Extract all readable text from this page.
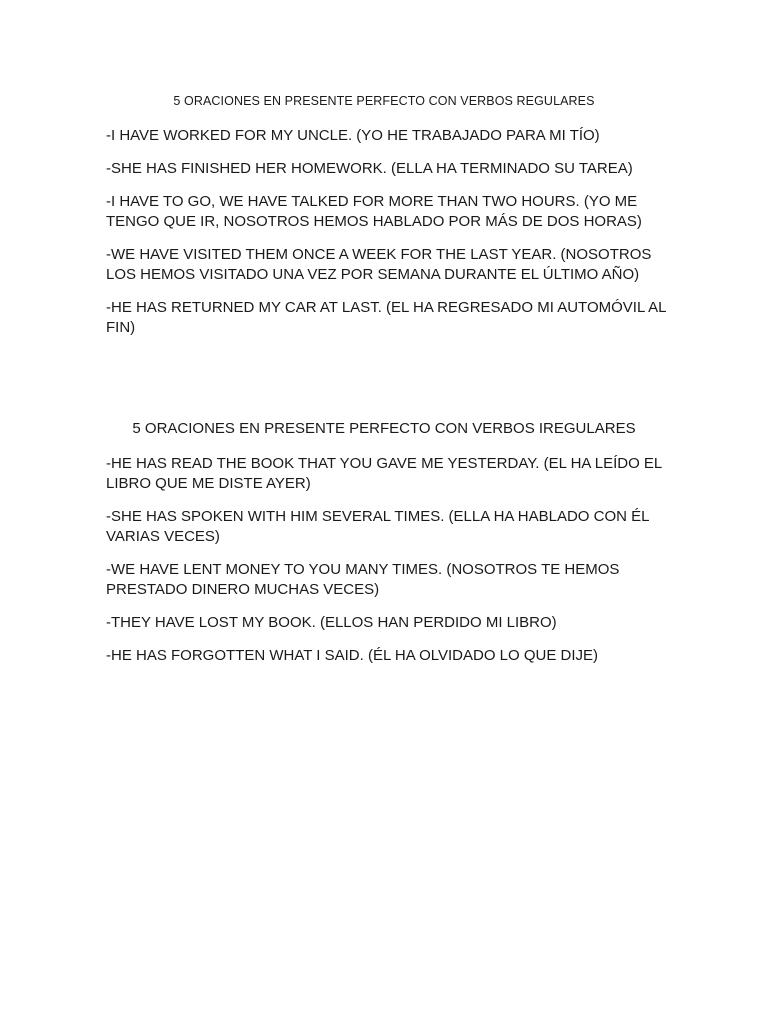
5 ORACIONES EN PRESENTE PERFECTO CON VERBOS REGULARES

-I HAVE WORKED FOR MY UNCLE. (YO HE TRABAJADO PARA MI TÍO)

-SHE HAS FINISHED HER HOMEWORK. (ELLA HA TERMINADO SU TAREA)

-I HAVE TO GO, WE HAVE TALKED FOR MORE THAN TWO HOURS. (YO ME TENGO QUE IR, NOSOTROS HEMOS HABLADO POR MÁS DE DOS HORAS)

-WE HAVE VISITED THEM ONCE A WEEK FOR THE LAST YEAR. (NOSOTROS LOS HEMOS VISITADO UNA VEZ POR SEMANA DURANTE EL ÚLTIMO AÑO)

-HE HAS RETURNED MY CAR AT LAST. (EL HA REGRESADO MI AUTOMÓVIL AL FIN)

5 ORACIONES EN PRESENTE PERFECTO CON VERBOS IREGULARES

-HE HAS READ THE BOOK THAT YOU GAVE ME YESTERDAY. (EL HA LEÍDO EL LIBRO QUE ME DISTE AYER)

-SHE HAS SPOKEN WITH HIM SEVERAL TIMES. (ELLA HA HABLADO CON ÉL VARIAS VECES)

-WE HAVE LENT MONEY TO YOU MANY TIMES. (NOSOTROS TE HEMOS PRESTADO DINERO MUCHAS VECES)

-THEY HAVE LOST MY BOOK. (ELLOS HAN PERDIDO MI LIBRO)

-HE HAS FORGOTTEN WHAT I SAID. (ÉL HA OLVIDADO LO QUE DIJE)
